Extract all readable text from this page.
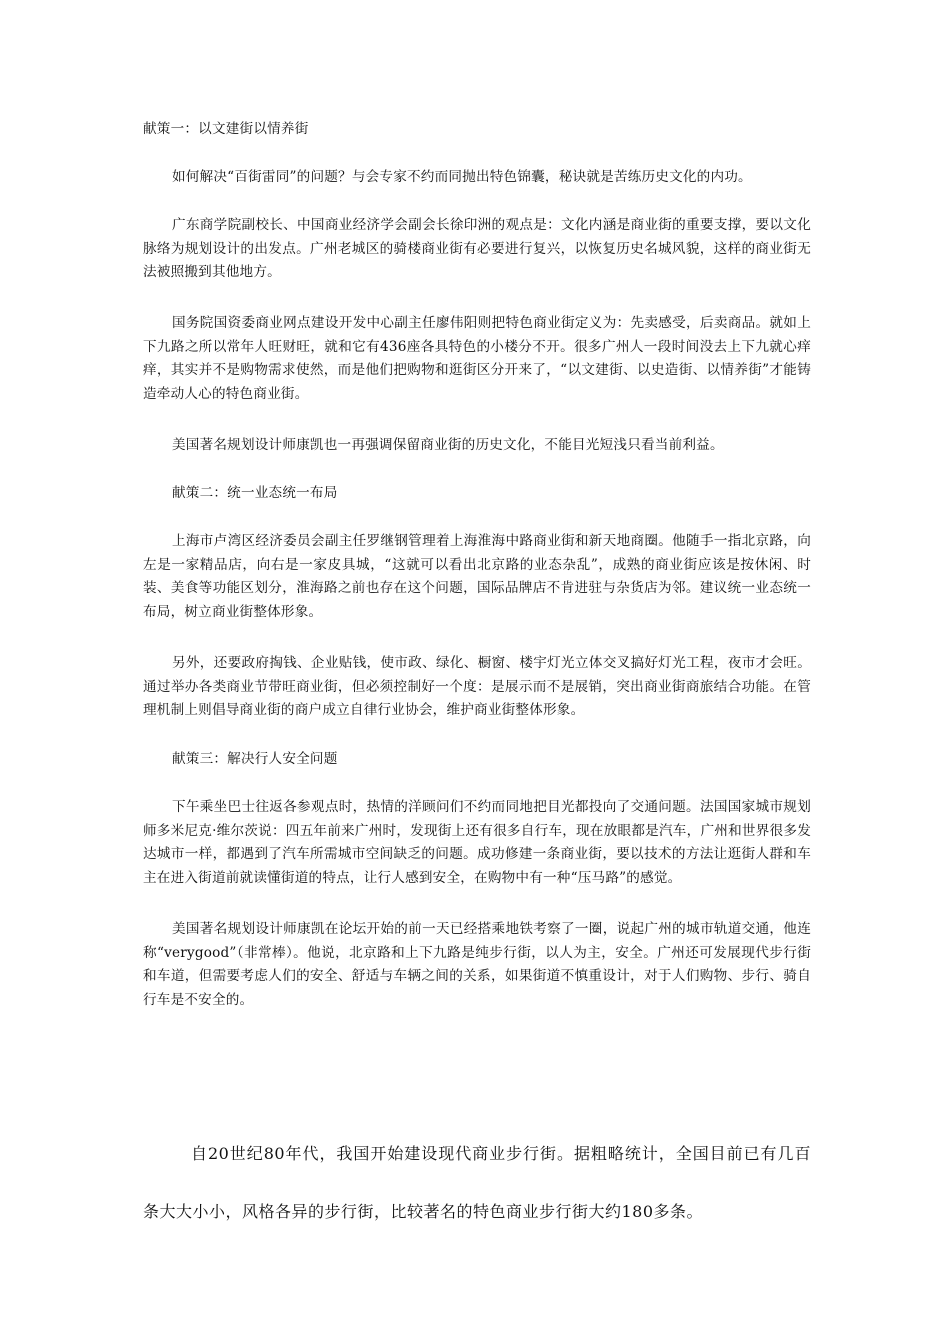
献策一：以文建街以情养街

如何解决“百街雷同”的问题？与会专家不约而同抛出特色锦囊，秘诀就是苦练历史文化的内功。

广东商学院副校长、中国商业经济学会副会长徐印洲的观点是：文化内涵是商业街的重要支撑，要以文化脉络为规划设计的出发点。广州老城区的骑楼商业街有必要进行复兴，以恢复历史名城风貌，这样的商业街无法被照搬到其他地方。

国务院国资委商业网点建设开发中心副主任廖伟阳则把特色商业街定义为：先卖感受，后卖商品。就如上下九路之所以常年人旺财旺，就和它有436座各具特色的小楼分不开。很多广州人一段时间没去上下九就心痒痒，其实并不是购物需求使然，而是他们把购物和逛街区分开来了，“以文建街、以史造街、以情养街”才能铸造牵动人心的特色商业街。

美国著名规划设计师康凯也一再强调保留商业街的历史文化，不能目光短浅只看当前利益。

献策二：统一业态统一布局

上海市卢湾区经济委员会副主任罗继钢管理着上海淮海中路商业街和新天地商圈。他随手一指北京路，向左是一家精品店，向右是一家皮具城，“这就可以看出北京路的业态杂乱”，成熟的商业街应该是按休闲、时装、美食等功能区划分，淮海路之前也存在这个问题，国际品牌店不肯进驻与杂货店为邻。建议统一业态统一布局，树立商业街整体形象。

另外，还要政府掏钱、企业贴钱，使市政、绿化、橱窗、楼宇灯光立体交叉搞好灯光工程，夜市才会旺。通过举办各类商业节带旺商业街，但必须控制好一个度：是展示而不是展销，突出商业街商旅结合功能。在管理机制上则倡导商业街的商户成立自律行业协会，维护商业街整体形象。

献策三：解决行人安全问题

下午乘坐巴士往返各参观点时，热情的洋顾问们不约而同地把目光都投向了交通问题。法国国家城市规划师多米尼克·维尔茨说：四五年前来广州时，发现街上还有很多自行车，现在放眼都是汽车，广州和世界很多发达城市一样，都遇到了汽车所需城市空间缺乏的问题。成功修建一条商业街，要以技术的方法让逛街人群和车主在进入街道前就读懂街道的特点，让行人感到安全，在购物中有一种“压马路”的感觉。

美国著名规划设计师康凯在论坛开始的前一天已经搭乘地铁考察了一圈，说起广州的城市轨道交通，他连称“verygood”（非常棒）。他说，北京路和上下九路是纯步行街，以人为主，安全。广州还可发展现代步行街和车道，但需要考虑人们的安全、舒适与车辆之间的关系，如果街道不慎重设计，对于人们购物、步行、骑自行车是不安全的。

自20世纪80年代，我国开始建设现代商业步行街。据粗略统计，全国目前已有几百条大大小小，风格各异的步行街，比较著名的特色商业步行街大约180多条。
